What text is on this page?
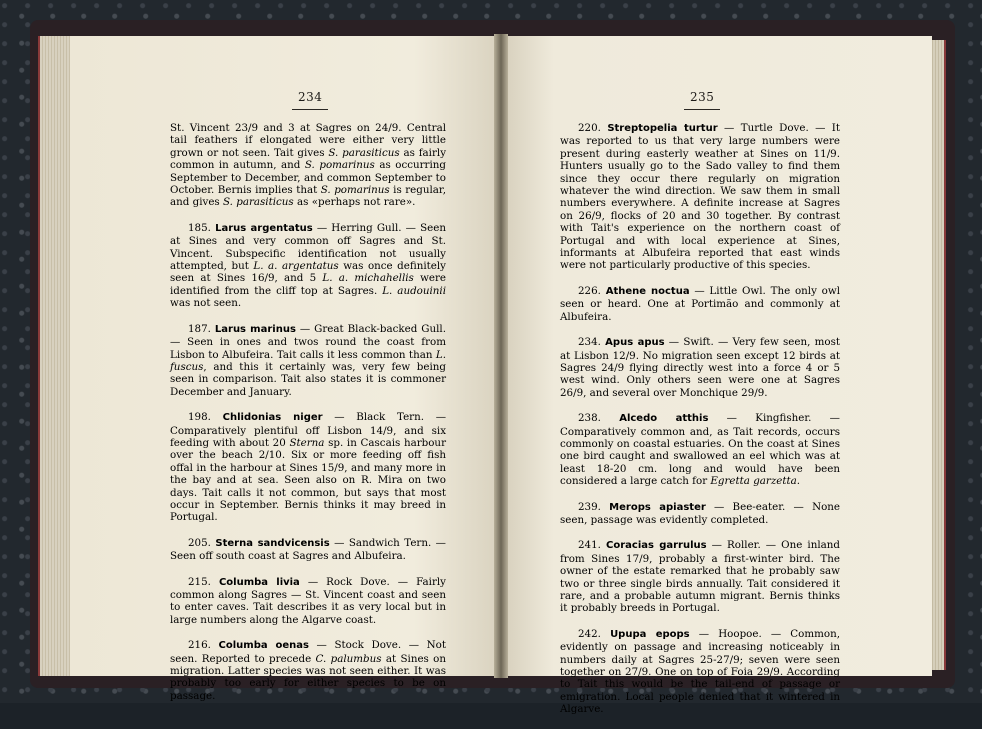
234	235

St. Vincent 23/9 and 3 at Sagres on 24/9. Central tail feathers if elongated were either very little grown or not seen. Tait gives S. parasiticus as fairly common in autumn, and S. pomarinus as occurring September to December, and common September to October. Bernis implies that S. pomarinus is regular, and gives S. parasiticus as «perhaps not rare».

185. Larus argentatus — Herring Gull. — Seen at Sines and very common off Sagres and St. Vincent. Subspecific identification not usually attempted, but L. a. argentatus was once definitely seen at Sines 16/9, and 5 L. a. michahellis were identified from the cliff top at Sagres. L. audouinii was not seen.

187. Larus marinus — Great Black-backed Gull. — Seen in ones and twos round the coast from Lisbon to Albufeira. Tait calls it less common than L. fuscus, and this it certainly was, very few being seen in comparison. Tait also states it is commoner December and January.

198. Chlidonias niger — Black Tern. — Comparatively plentiful off Lisbon 14/9, and six feeding with about 20 Sterna sp. in Cascais harbour over the beach 2/10. Six or more feeding off fish offal in the harbour at Sines 15/9, and many more in the bay and at sea. Seen also on R. Mira on two days. Tait calls it not common, but says that most occur in September. Bernis thinks it may breed in Portugal.

205. Sterna sandvicensis — Sandwich Tern. — Seen off south coast at Sagres and Albufeira.

215. Columba livia — Rock Dove. — Fairly common along Sagres — St. Vincent coast and seen to enter caves. Tait describes it as very local but in large numbers along the Algarve coast.

216. Columba oenas — Stock Dove. — Not seen. Reported to precede C. palumbus at Sines on migration. Latter species was not seen either. It was probably too early for either species to be on passage.

220. Streptopelia turtur — Turtle Dove. — It was reported to us that very large numbers were present during easterly weather at Sines on 11/9. Hunters usually go to the Sado valley to find them since they occur there regularly on migration whatever the wind direction. We saw them in small numbers everywhere. A definite increase at Sagres on 26/9, flocks of 20 and 30 together. By contrast with Tait's experience on the northern coast of Portugal and with local experience at Sines, informants at Albufeira reported that east winds were not particularly productive of this species.

226. Athene noctua — Little Owl. The only owl seen or heard. One at Portimão and commonly at Albufeira.

234. Apus apus — Swift. — Very few seen, most at Lisbon 12/9. No migration seen except 12 birds at Sagres 24/9 flying directly west into a force 4 or 5 west wind. Only others seen were one at Sagres 26/9, and several over Monchique 29/9.

238. Alcedo atthis — Kingfisher. — Comparatively common and, as Tait records, occurs commonly on coastal estuaries. On the coast at Sines one bird caught and swallowed an eel which was at least 18-20 cm. long and would have been considered a large catch for Egretta garzetta.

239. Merops apiaster — Bee-eater. — None seen, passage was evidently completed.

241. Coracias garrulus — Roller. — One inland from Sines 17/9, probably a first-winter bird. The owner of the estate remarked that he probably saw two or three single birds annually. Tait considered it rare, and a probable autumn migrant. Bernis thinks it probably breeds in Portugal.

242. Upupa epops — Hoopoe. — Common, evidently on passage and increasing noticeably in numbers daily at Sagres 25-27/9; seven were seen together on 27/9. One on top of Foia 29/9. According to Tait this would be the tail-end of passage or emigration. Local people denied that it wintered in Algarve.
